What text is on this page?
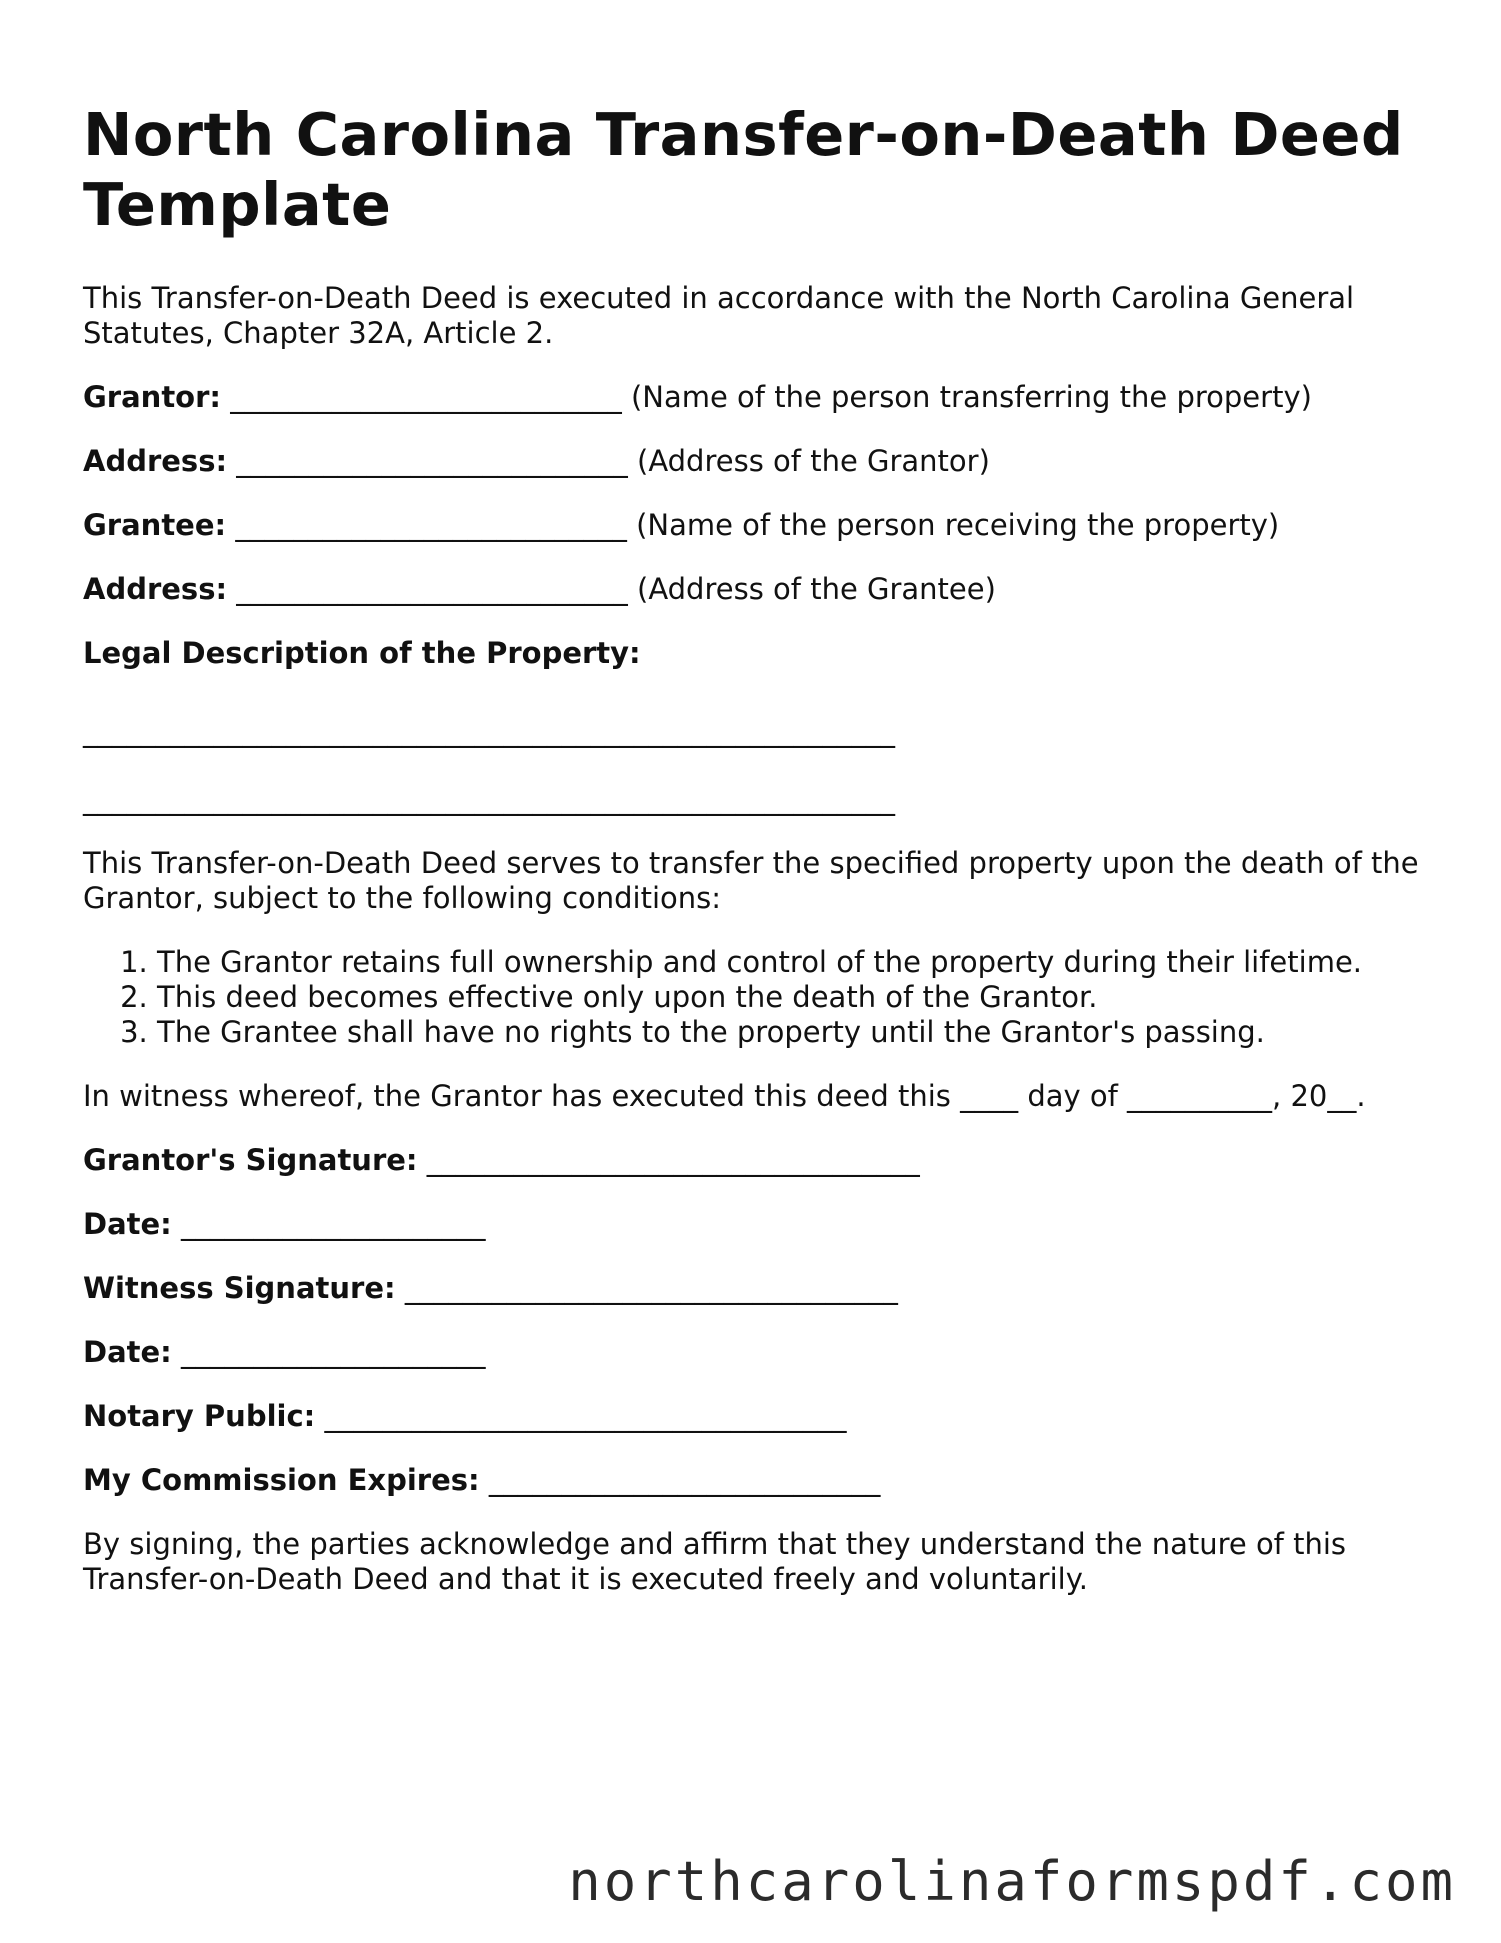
North Carolina Transfer-on-Death Deed Template

This Transfer-on-Death Deed is executed in accordance with the North Carolina General Statutes, Chapter 32A, Article 2.

Grantor: ___________________________ (Name of the person transferring the property)
Address: ___________________________ (Address of the Grantor)
Grantee: ___________________________ (Name of the person receiving the property)
Address: ___________________________ (Address of the Grantee)

Legal Description of the Property:

________________________________________________________
________________________________________________________

This Transfer-on-Death Deed serves to transfer the specified property upon the death of the Grantor, subject to the following conditions:

1. The Grantor retains full ownership and control of the property during their lifetime.
2. This deed becomes effective only upon the death of the Grantor.
3. The Grantee shall have no rights to the property until the Grantor's passing.

In witness whereof, the Grantor has executed this deed this ____ day of __________, 20__.

Grantor's Signature: __________________________________

Date: _____________________

Witness Signature: __________________________________

Date: _____________________

Notary Public: ____________________________________

My Commission Expires: ___________________________

By signing, the parties acknowledge and affirm that they understand the nature of this Transfer-on-Death Deed and that it is executed freely and voluntarily.

northcarolinaformspdf.com
